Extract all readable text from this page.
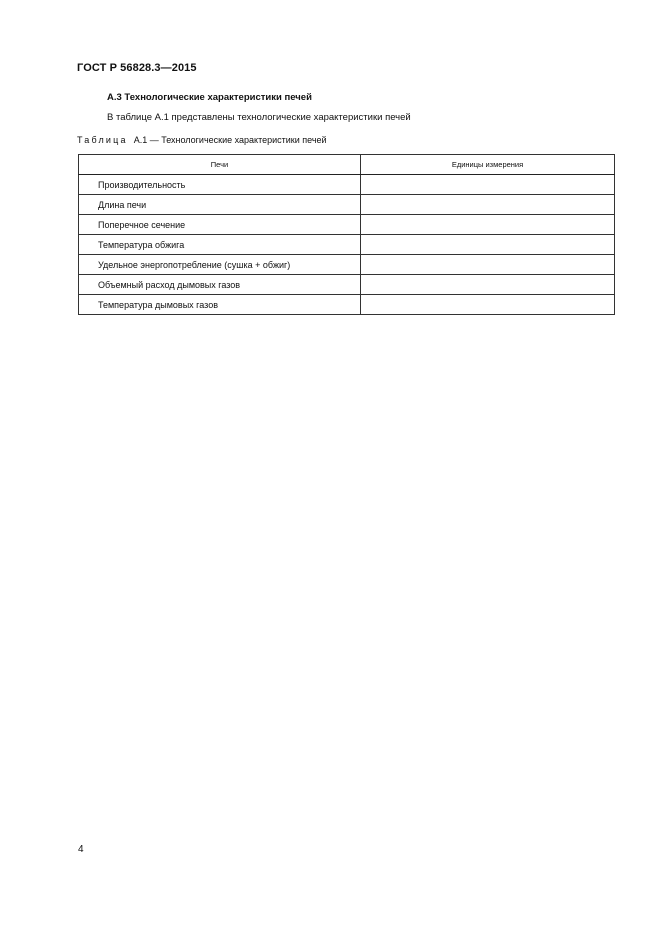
ГОСТ Р 56828.3—2015
А.3 Технологические характеристики печей
В таблице А.1 представлены технологические характеристики печей
Таблица А.1 — Технологические характеристики печей
Печи	Единицы измерения
Производительность	
Длина печи	
Поперечное сечение	
Температура обжига	
Удельное энергопотребление (сушка + обжиг)	
Объемный расход дымовых газов	
Температура дымовых газов	
4
